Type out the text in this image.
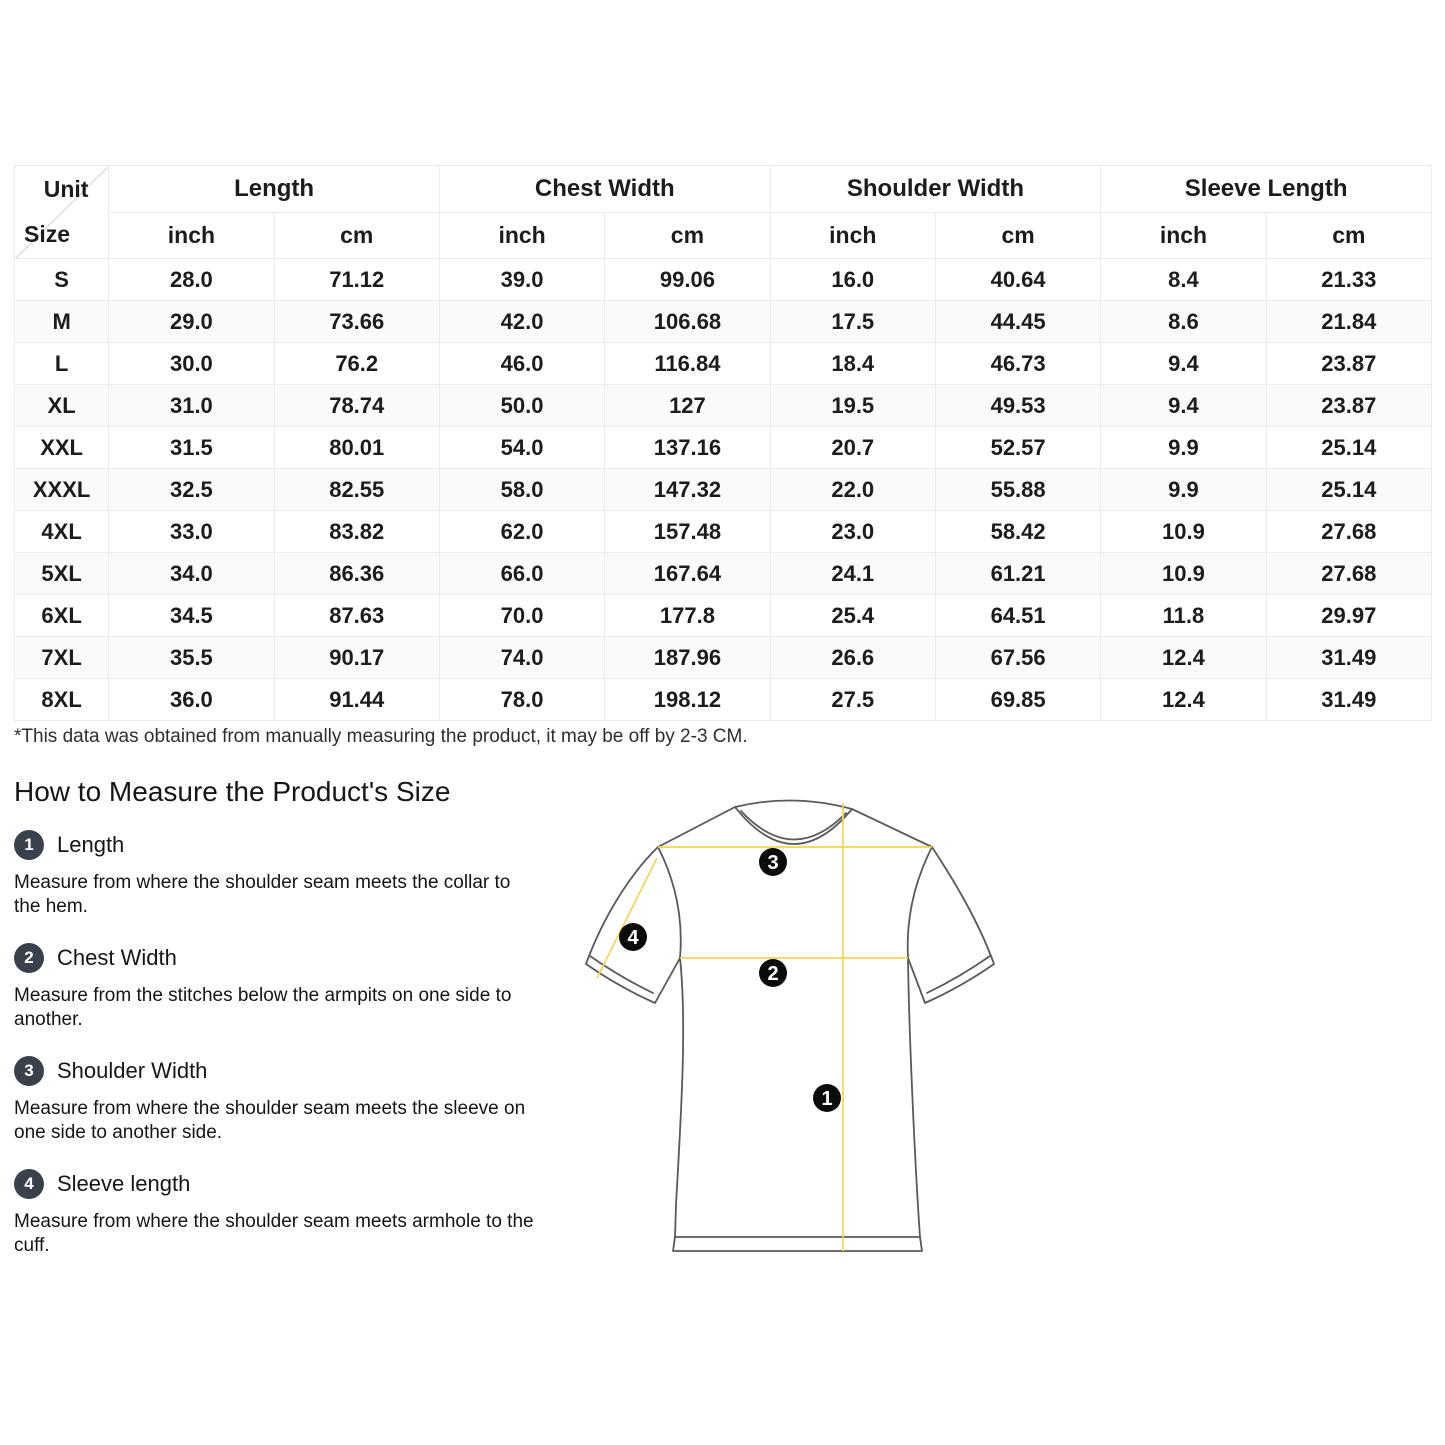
Unit
Size	Length		Chest Width		Shoulder Width		Sleeve Length	
	inch	cm	inch	cm	inch	cm	inch	cm
S	28.0	71.12	39.0	99.06	16.0	40.64	8.4	21.33
M	29.0	73.66	42.0	106.68	17.5	44.45	8.6	21.84
L	30.0	76.2	46.0	116.84	18.4	46.73	9.4	23.87
XL	31.0	78.74	50.0	127	19.5	49.53	9.4	23.87
XXL	31.5	80.01	54.0	137.16	20.7	52.57	9.9	25.14
XXXL	32.5	82.55	58.0	147.32	22.0	55.88	9.9	25.14
4XL	33.0	83.82	62.0	157.48	23.0	58.42	10.9	27.68
5XL	34.0	86.36	66.0	167.64	24.1	61.21	10.9	27.68
6XL	34.5	87.63	70.0	177.8	25.4	64.51	11.8	29.97
7XL	35.5	90.17	74.0	187.96	26.6	67.56	12.4	31.49
8XL	36.0	91.44	78.0	198.12	27.5	69.85	12.4	31.49
*This data was obtained from manually measuring the product, it may be off by 2-3 CM.
How to Measure the Product's Size
1	Length
Measure from where the shoulder seam meets the collar to the hem.
2	Chest Width
Measure from the stitches below the armpits on one side to another.
3	Shoulder Width
Measure from where the shoulder seam meets the sleeve on one side to another side.
4	Sleeve length
Measure from where the shoulder seam meets armhole to the cuff.
3
2
4
1
